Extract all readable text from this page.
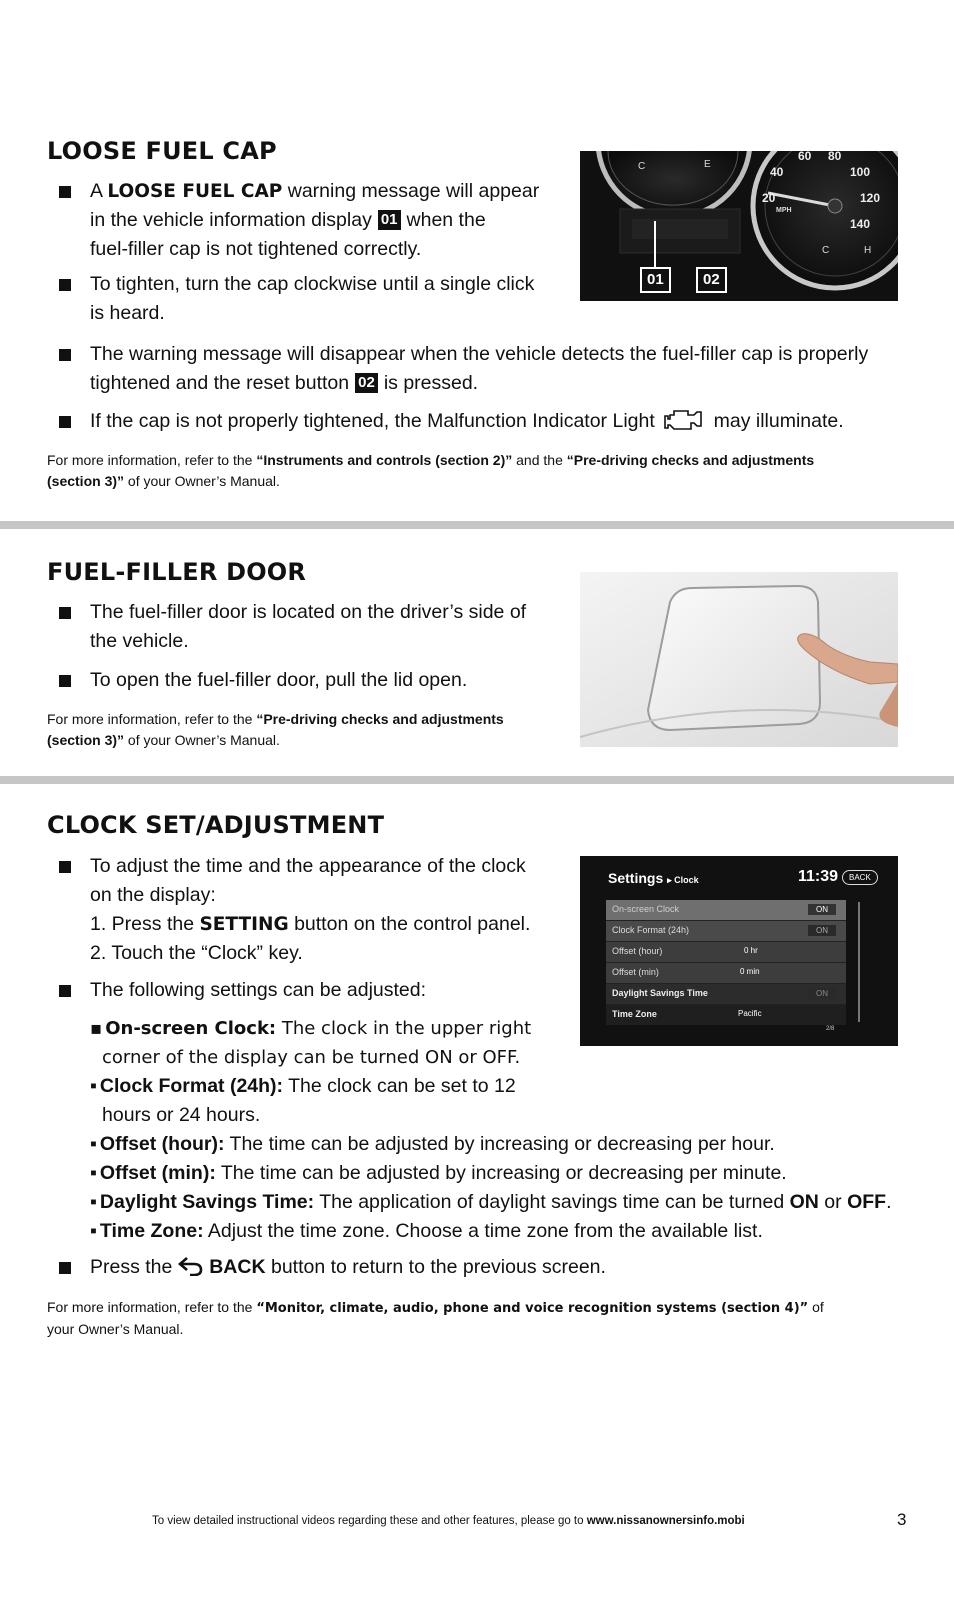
LOOSE FUEL CAP
A LOOSE FUEL CAP warning message will appear
in the vehicle information display 01 when the
fuel-filler cap is not tightened correctly.
To tighten, turn the cap clockwise until a single click
is heard.
The warning message will disappear when the vehicle detects the fuel-filler cap is properly
tightened and the reset button 02 is pressed.
If the cap is not properly tightened, the Malfunction Indicator Light	may illuminate.
For more information, refer to the “Instruments and controls (section 2)” and the “Pre-driving checks and adjustments
(section 3)” of your Owner’s Manual.
C	E
60 80
40	100
20	120
140
MPH
C	H
01	02
FUEL-FILLER DOOR
The fuel-filler door is located on the driver’s side of
the vehicle.
To open the fuel-filler door, pull the lid open.
For more information, refer to the “Pre-driving checks and adjustments
(section 3)” of your Owner’s Manual.
CLOCK SET/ADJUSTMENT
To adjust the time and the appearance of the clock
on the display:
1. Press the SETTING button on the control panel.
2. Touch the “Clock” key.
The following settings can be adjusted:
▪ On-screen Clock: The clock in the upper right
corner of the display can be turned ON or OFF.
▪ Clock Format (24h): The clock can be set to 12
hours or 24 hours.
▪ Offset (hour): The time can be adjusted by increasing or decreasing per hour.
▪ Offset (min): The time can be adjusted by increasing or decreasing per minute.
▪ Daylight Savings Time: The application of daylight savings time can be turned ON or OFF.
▪ Time Zone: Adjust the time zone. Choose a time zone from the available list.
Press the BACK button to return to the previous screen.
For more information, refer to the “Monitor, climate, audio, phone and voice recognition systems (section 4)” of
your Owner’s Manual.
Settings ▸ Clock	11:39	BACK
On-screen Clock	ON
Clock Format (24h)	ON
Offset (hour)	0 hr
Offset (min)	0 min
Daylight Savings Time	ON
Time Zone	Pacific
2/8
To view detailed instructional videos regarding these and other features, please go to www.nissanownersinfo.mobi	3
